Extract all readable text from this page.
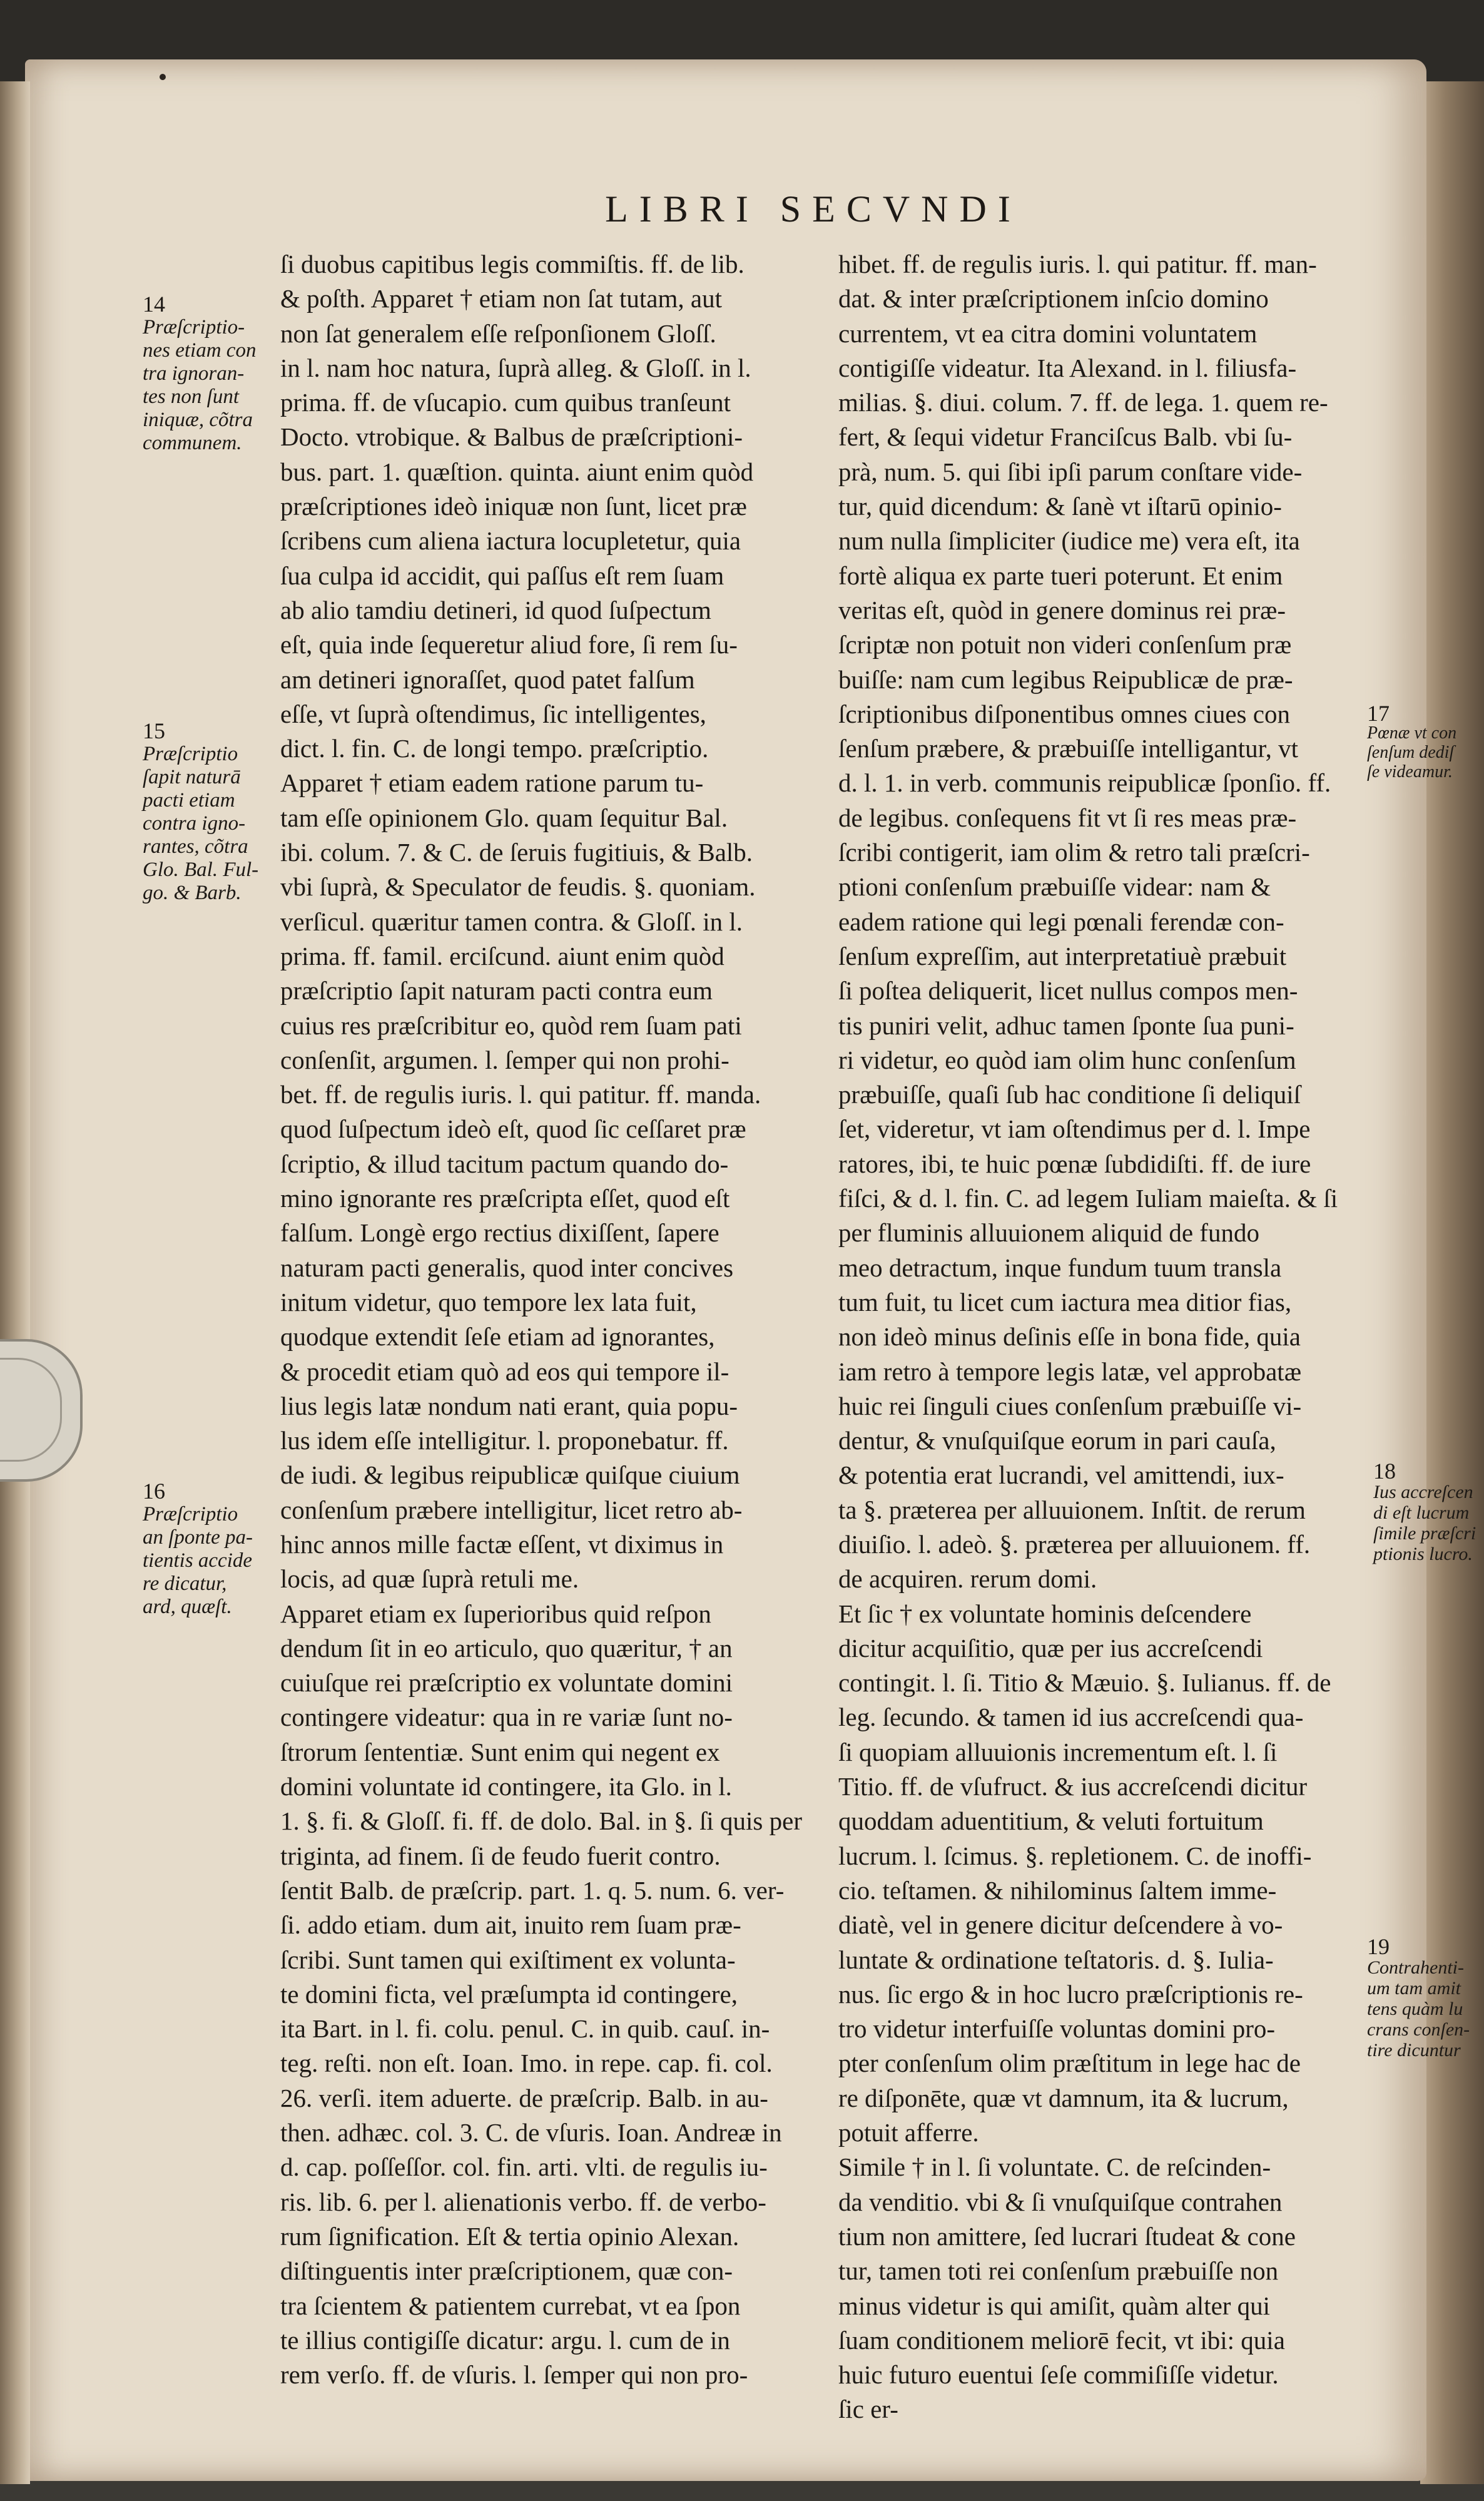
LIBRI SECVNDI
ſi duobus capitibus legis commiſtis. ff. de lib.
& poſth. Apparet † etiam non ſat tutam, aut
non ſat generalem eſſe reſponſionem Gloſſ.
in l. nam hoc natura, ſuprà alleg. & Gloſſ. in l.
prima. ff. de vſucapio. cum quibus tranſeunt
Docto. vtrobique. & Balbus de præſcriptioni-
bus. part. 1. quæſtion. quinta. aiunt enim quòd
præſcriptiones ideò iniquæ non ſunt, licet præ
ſcribens cum aliena iactura locupletetur, quia
ſua culpa id accidit, qui paſſus eſt rem ſuam
ab alio tamdiu detineri, id quod ſuſpectum
eſt, quia inde ſequeretur aliud fore, ſi rem ſu-
am detineri ignoraſſet, quod patet falſum
eſſe, vt ſuprà oſtendimus, ſic intelligentes,
dict. l. fin. C. de longi tempo. præſcriptio.
Apparet † etiam eadem ratione parum tu-
tam eſſe opinionem Glo. quam ſequitur Bal.
ibi. colum. 7. & C. de ſeruis fugitiuis, & Balb.
vbi ſuprà, & Speculator de feudis. §. quoniam.
verſicul. quæritur tamen contra. & Gloſſ. in l.
prima. ff. famil. erciſcund. aiunt enim quòd
præſcriptio ſapit naturam pacti contra eum
cuius res præſcribitur eo, quòd rem ſuam pati
conſenſit, argumen. l. ſemper qui non prohi-
bet. ff. de regulis iuris. l. qui patitur. ff. manda.
quod ſuſpectum ideò eſt, quod ſic ceſſaret præ
ſcriptio, & illud tacitum pactum quando do-
mino ignorante res præſcripta eſſet, quod eſt
falſum. Longè ergo rectius dixiſſent, ſapere
naturam pacti generalis, quod inter concives
initum videtur, quo tempore lex lata fuit,
quodque extendit ſeſe etiam ad ignorantes,
& procedit etiam quò ad eos qui tempore il-
lius legis latæ nondum nati erant, quia popu-
lus idem eſſe intelligitur. l. proponebatur. ff.
de iudi. & legibus reipublicæ quiſque ciuium
conſenſum præbere intelligitur, licet retro ab-
hinc annos mille factæ eſſent, vt diximus in
locis, ad quæ ſuprà retuli me.
Apparet etiam ex ſuperioribus quid reſpon
dendum ſit in eo articulo, quo quæritur, † an
cuiuſque rei præſcriptio ex voluntate domini
contingere videatur: qua in re variæ ſunt no-
ſtrorum ſententiæ. Sunt enim qui negent ex
domini voluntate id contingere, ita Glo. in l.
1. §. fi. & Gloſſ. fi. ff. de dolo. Bal. in §. ſi quis per
triginta, ad finem. ſi de feudo fuerit contro.
ſentit Balb. de præſcrip. part. 1. q. 5. num. 6. ver-
ſi. addo etiam. dum ait, inuito rem ſuam præ-
ſcribi. Sunt tamen qui exiſtiment ex volunta-
te domini ficta, vel præſumpta id contingere,
ita Bart. in l. fi. colu. penul. C. in quib. cauſ. in-
teg. reſti. non eſt. Ioan. Imo. in repe. cap. fi. col.
26. verſi. item aduerte. de præſcrip. Balb. in au-
then. adhæc. col. 3. C. de vſuris. Ioan. Andreæ in
d. cap. poſſeſſor. col. fin. arti. vlti. de regulis iu-
ris. lib. 6. per l. alienationis verbo. ff. de verbo-
rum ſignification. Eſt & tertia opinio Alexan.
diſtinguentis inter præſcriptionem, quæ con-
tra ſcientem & patientem currebat, vt ea ſpon
te illius contigiſſe dicatur: argu. l. cum de in
rem verſo. ff. de vſuris. l. ſemper qui non pro-
hibet. ff. de regulis iuris. l. qui patitur. ff. man-
dat. & inter præſcriptionem inſcio domino
currentem, vt ea citra domini voluntatem
contigiſſe videatur. Ita Alexand. in l. filiusfa-
milias. §. diui. colum. 7. ff. de lega. 1. quem re-
fert, & ſequi videtur Franciſcus Balb. vbi ſu-
prà, num. 5. qui ſibi ipſi parum conſtare vide-
tur, quid dicendum: & ſanè vt iſtarū opinio-
num nulla ſimpliciter (iudice me) vera eſt, ita
fortè aliqua ex parte tueri poterunt. Et enim
veritas eſt, quòd in genere dominus rei præ-
ſcriptæ non potuit non videri conſenſum præ
buiſſe: nam cum legibus Reipublicæ de præ-
ſcriptionibus diſponentibus omnes ciues con
ſenſum præbere, & præbuiſſe intelligantur, vt
d. l. 1. in verb. communis reipublicæ ſponſio. ff.
de legibus. conſequens fit vt ſi res meas præ-
ſcribi contigerit, iam olim & retro tali præſcri-
ptioni conſenſum præbuiſſe videar: nam &
eadem ratione qui legi pœnali ferendæ con-
ſenſum expreſſim, aut interpretatiuè præbuit
ſi poſtea deliquerit, licet nullus compos men-
tis puniri velit, adhuc tamen ſponte ſua puni-
ri videtur, eo quòd iam olim hunc conſenſum
præbuiſſe, quaſi ſub hac conditione ſi deliquiſ
ſet, videretur, vt iam oſtendimus per d. l. Impe
ratores, ibi, te huic pœnæ ſubdidiſti. ff. de iure
fiſci, & d. l. fin. C. ad legem Iuliam maieſta. & ſi
per fluminis alluuionem aliquid de fundo
meo detractum, inque fundum tuum transla
tum fuit, tu licet cum iactura mea ditior fias,
non ideò minus deſinis eſſe in bona fide, quia
iam retro à tempore legis latæ, vel approbatæ
huic rei ſinguli ciues conſenſum præbuiſſe vi-
dentur, & vnuſquiſque eorum in pari cauſa,
& potentia erat lucrandi, vel amittendi, iux-
ta §. præterea per alluuionem. Inſtit. de rerum
diuiſio. l. adeò. §. præterea per alluuionem. ff.
de acquiren. rerum domi.
Et ſic † ex voluntate hominis deſcendere
dicitur acquiſitio, quæ per ius accreſcendi
contingit. l. ſi. Titio & Mæuio. §. Iulianus. ff. de
leg. ſecundo. & tamen id ius accreſcendi qua-
ſi quopiam alluuionis incrementum eſt. l. ſi
Titio. ff. de vſufruct. & ius accreſcendi dicitur
quoddam aduentitium, & veluti fortuitum
lucrum. l. ſcimus. §. repletionem. C. de inoffi-
cio. teſtamen. & nihilominus ſaltem imme-
diatè, vel in genere dicitur deſcendere à vo-
luntate & ordinatione teſtatoris. d. §. Iulia-
nus. ſic ergo & in hoc lucro præſcriptionis re-
tro videtur interfuiſſe voluntas domini pro-
pter conſenſum olim præſtitum in lege hac de
re diſponēte, quæ vt damnum, ita & lucrum,
potuit afferre.
Simile † in l. ſi voluntate. C. de reſcinden-
da venditio. vbi & ſi vnuſquiſque contrahen
tium non amittere, ſed lucrari ſtudeat & cone
tur, tamen toti rei conſenſum præbuiſſe non
minus videtur is qui amiſit, quàm alter qui
ſuam conditionem meliorē fecit, vt ibi: quia
huic futuro euentui ſeſe commiſiſſe videtur.
ſic er-
14
Præſcriptio-
nes etiam con
tra ignoran-
tes non ſunt
iniquæ, cõtra
communem.
15
Præſcriptio
ſapit naturā
pacti etiam
contra igno-
rantes, cõtra
Glo. Bal. Ful-
go. & Barb.
16
Præſcriptio
an ſponte pa-
tientis accide
re dicatur,
ard, quæſt.
17
Pœnæ vt con
ſenſum dediſ
ſe videamur.
18
Ius accreſcen
di eſt lucrum
ſimile præſcri
ptionis lucro.
19
Contrahenti-
um tam amit
tens quàm lu
crans conſen-
tire dicuntur
